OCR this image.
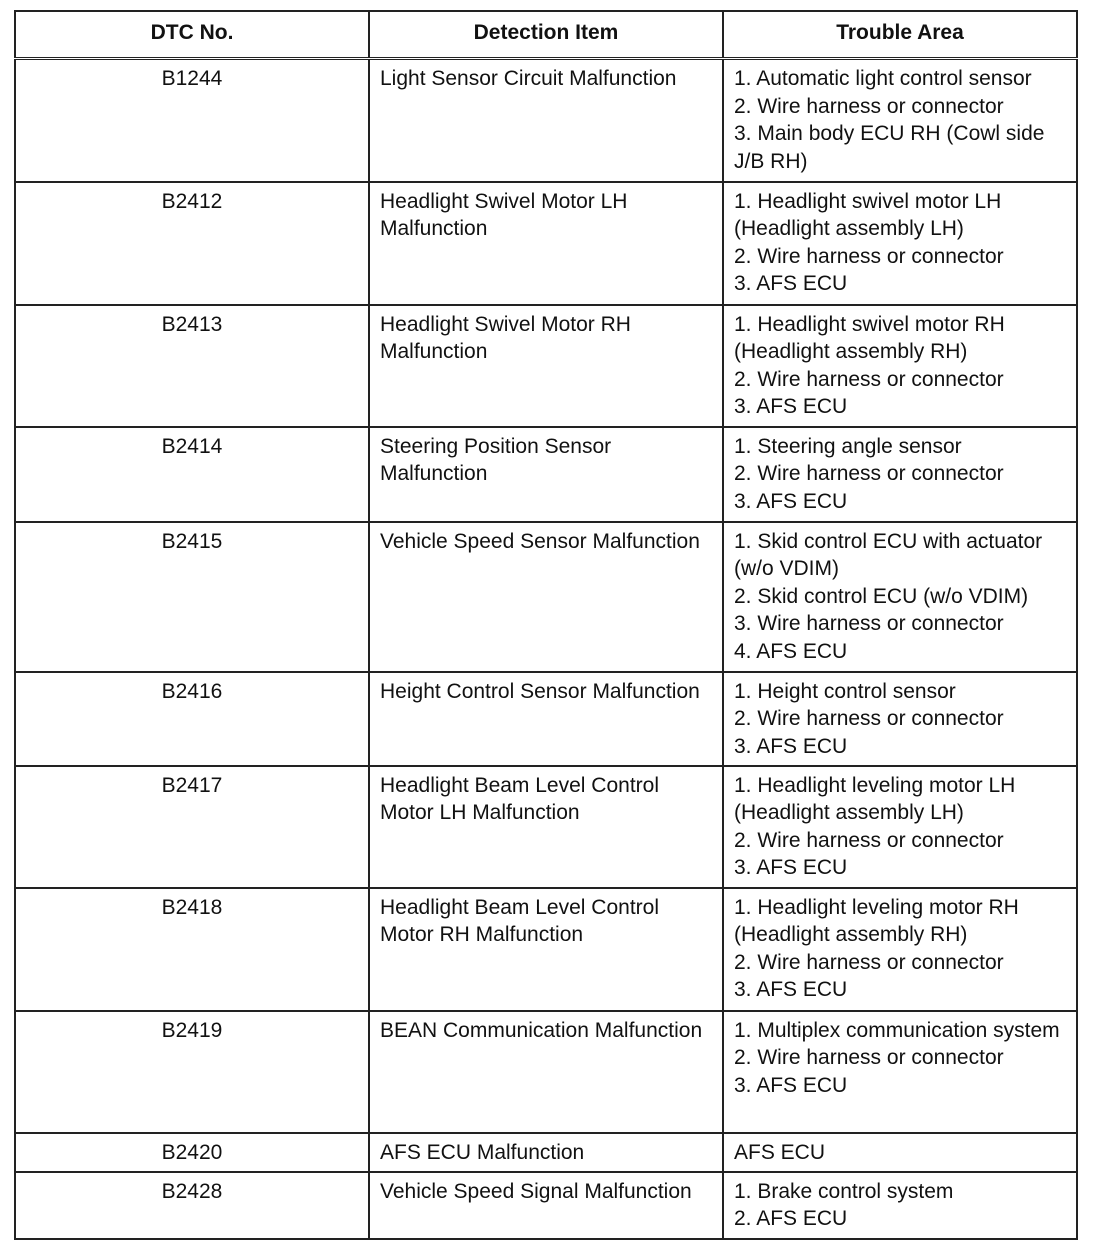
DTC No.	Detection Item	Trouble Area
B1244	Light Sensor Circuit Malfunction	1. Automatic light control sensor
2. Wire harness or connector
3. Main body ECU RH (Cowl side J/B RH)

B2412	Headlight Swivel Motor LH Malfunction	1. Headlight swivel motor LH (Headlight assembly LH)
2. Wire harness or connector
3. AFS ECU

B2413	Headlight Swivel Motor RH Malfunction	1. Headlight swivel motor RH (Headlight assembly RH)
2. Wire harness or connector
3. AFS ECU

B2414	Steering Position Sensor Malfunction	1. Steering angle sensor
2. Wire harness or connector
3. AFS ECU

B2415	Vehicle Speed Sensor Malfunction	1. Skid control ECU with actuator (w/o VDIM)
2. Skid control ECU (w/o VDIM)
3. Wire harness or connector
4. AFS ECU

B2416	Height Control Sensor Malfunction	1. Height control sensor
2. Wire harness or connector
3. AFS ECU

B2417	Headlight Beam Level Control Motor LH Malfunction	1. Headlight leveling motor LH (Headlight assembly LH)
2. Wire harness or connector
3. AFS ECU

B2418	Headlight Beam Level Control Motor RH Malfunction	1. Headlight leveling motor RH (Headlight assembly RH)
2. Wire harness or connector
3. AFS ECU

B2419	BEAN Communication Malfunction	1. Multiplex communication system
2. Wire harness or connector
3. AFS ECU

B2420	AFS ECU Malfunction	AFS ECU

B2428	Vehicle Speed Signal Malfunction	1. Brake control system
2. AFS ECU
